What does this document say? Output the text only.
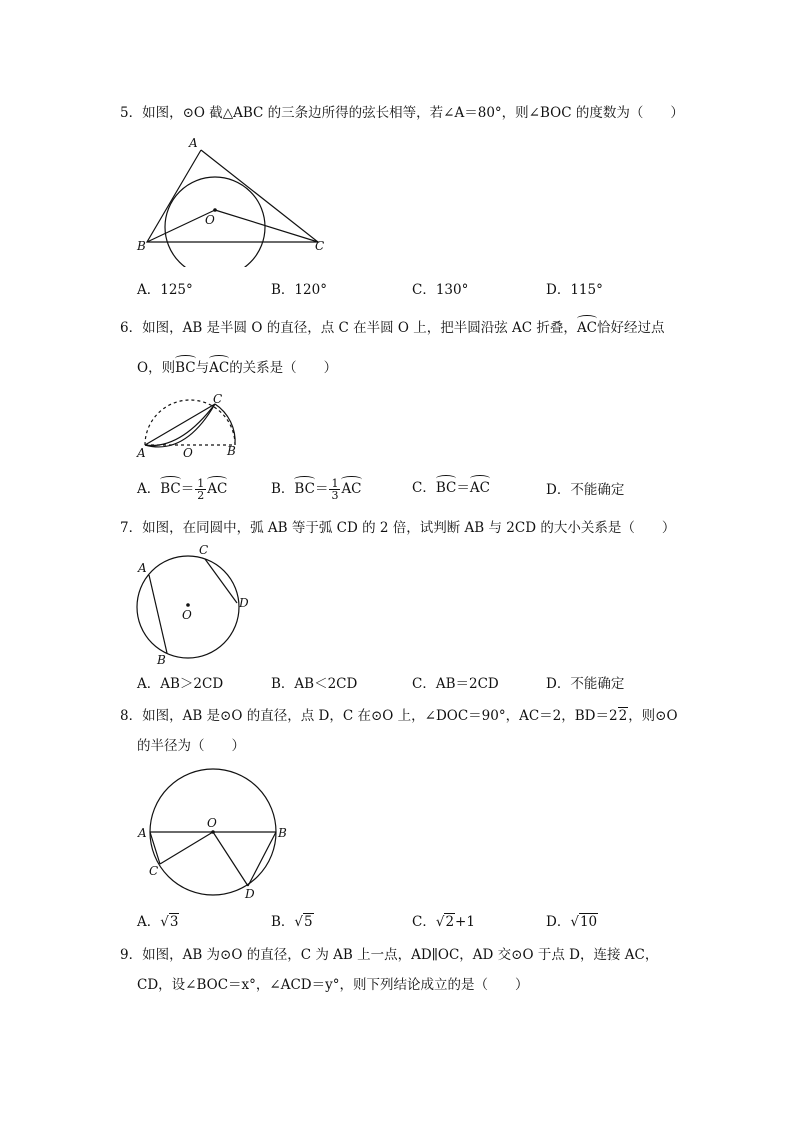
5．如图，⊙O 截△ABC 的三条边所得的弦长相等，若∠A＝80°，则∠BOC 的度数为（　　）
A
B	C
O
A．125°	B．120°	C．130°	D．115°
6．如图，AB 是半圆 O 的直径，点 C 在半圆 O 上，把半圆沿弦 AC 折叠，AC恰好经过点
O，则BC与AC的关系是（　　）
C
A	O	B
A．$BC= \frac{1}{2}$ AC	B．$BC= \frac{1}{3}$ AC	C．BC＝AC	D．不能确定
7．如图，在同圆中，弧 AB 等于弧 CD 的 2 倍，试判断 AB 与 2CD 的大小关系是（　　）
A
B
C
D
O
A．AB＞2CD	B．AB＜2CD	C．AB＝2CD	D．不能确定
8．如图，AB 是⊙O 的直径，点 D，C 在⊙O 上，∠DOC＝90°，AC＝2，BD＝22，则⊙O
的半径为（　　）
A	B
C
D
O
A．√3	B．√5	C．√2+1	D．√10
9．如图，AB 为⊙O 的直径，C 为 AB 上一点，AD∥OC，AD 交⊙O 于点 D，连接 AC，
CD，设∠BOC＝x°，∠ACD＝y°，则下列结论成立的是（　　）
